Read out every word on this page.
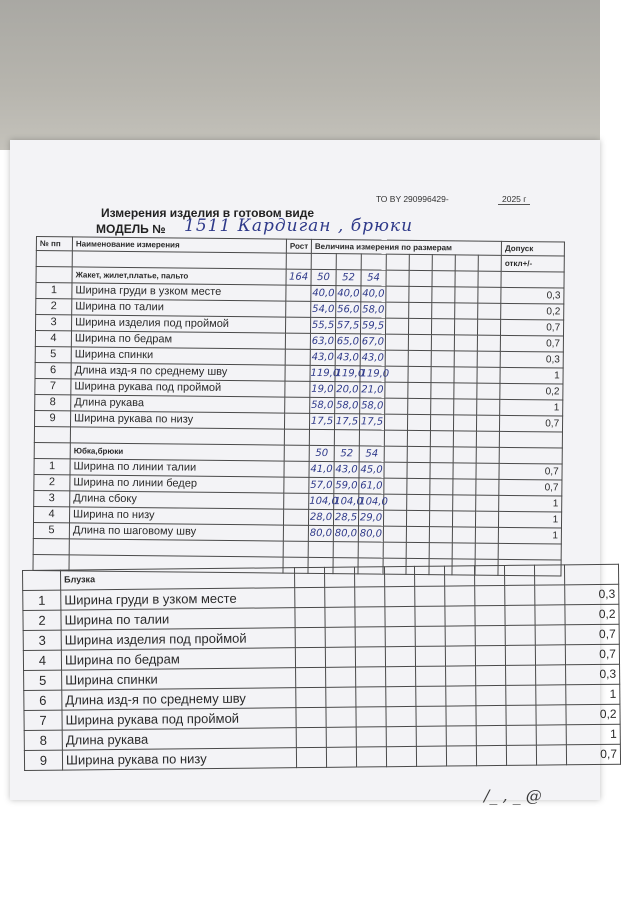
ТО BY 290996429-	2025 г
Измерения изделия в готовом виде
МОДЕЛЬ № 1511 Кардиган , брюки
№ пп	Наименование измерения	Рост	Величина измерения по размерам								Допуск
											откл+/-
	Жакет, жилет,платье, пальто	164	50	52	54						
1	Ширина груди в узком месте		40,0	40,0	40,0						0,3
2	Ширина по талии		54,0	56,0	58,0						0,2
3	Ширина изделия под проймой		55,5	57,5	59,5						0,7
4	Ширина по бедрам		63,0	65,0	67,0						0,7
5	Ширина спинки		43,0	43,0	43,0						0,3
6	Длина изд-я по среднему шву		119,0	119,0	119,0						1
7	Ширина рукава под проймой		19,0	20,0	21,0						0,2
8	Длина рукава		58,0	58,0	58,0						1
9	Ширина рукава по низу		17,5	17,5	17,5						0,7

	Юбка,брюки		50	52	54						
1	Ширина по линии талии		41,0	43,0	45,0						0,7
2	Ширина по линии бедер		57,0	59,0	61,0						0,7
3	Длина сбоку		104,0	104,0	104,0						1
4	Ширина по низу		28,0	28,5	29,0						1
5	Длина по шаговому шву		80,0	80,0	80,0						1

	Блузка										
1	Ширина груди в узком месте										0,3
2	Ширина по талии										0,2
3	Ширина изделия под проймой										0,7
4	Ширина по бедрам										0,7
5	Ширина спинки										0,3
6	Длина изд-я по среднему шву										1
7	Ширина рукава под проймой										0,2
8	Длина рукава										1
9	Ширина рукава по низу										0,7
/_ , _ @
